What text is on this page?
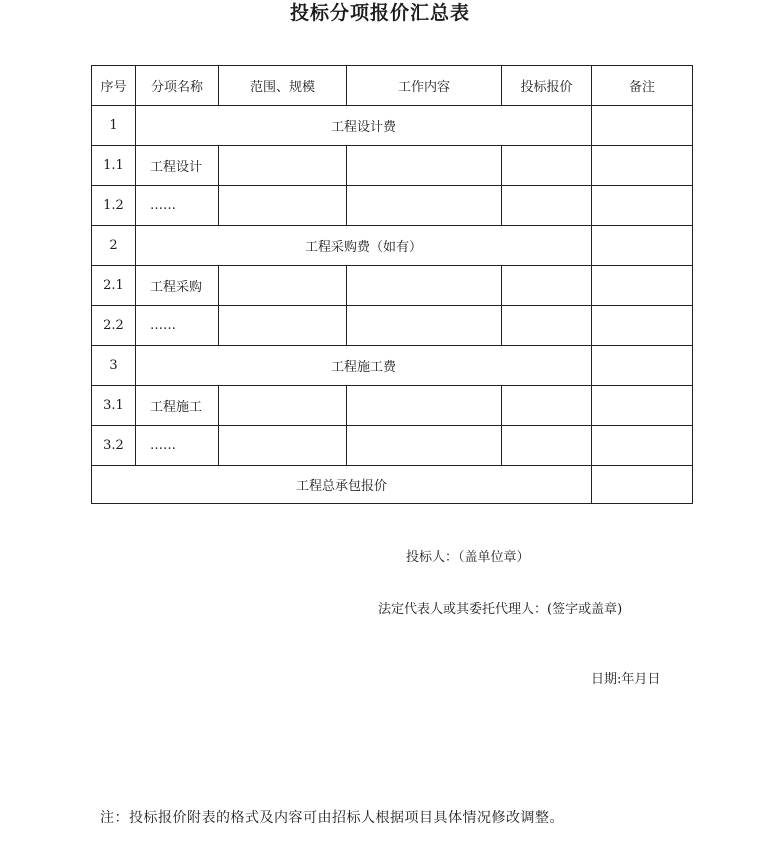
投标分项报价汇总表
序号	分项名称	范围、规模	工作内容	投标报价	备注
1	工程设计费				
1.1	工程设计				
1.2	……				
2	工程采购费（如有）				
2.1	工程采购				
2.2	……				
3	工程施工费				
3.1	工程施工				
3.2	……				
工程总承包报价					
投标人：（盖单位章）
法定代表人或其委托代理人：(签字或盖章)
日期:年月日
注：投标报价附表的格式及内容可由招标人根据项目具体情况修改调整。
